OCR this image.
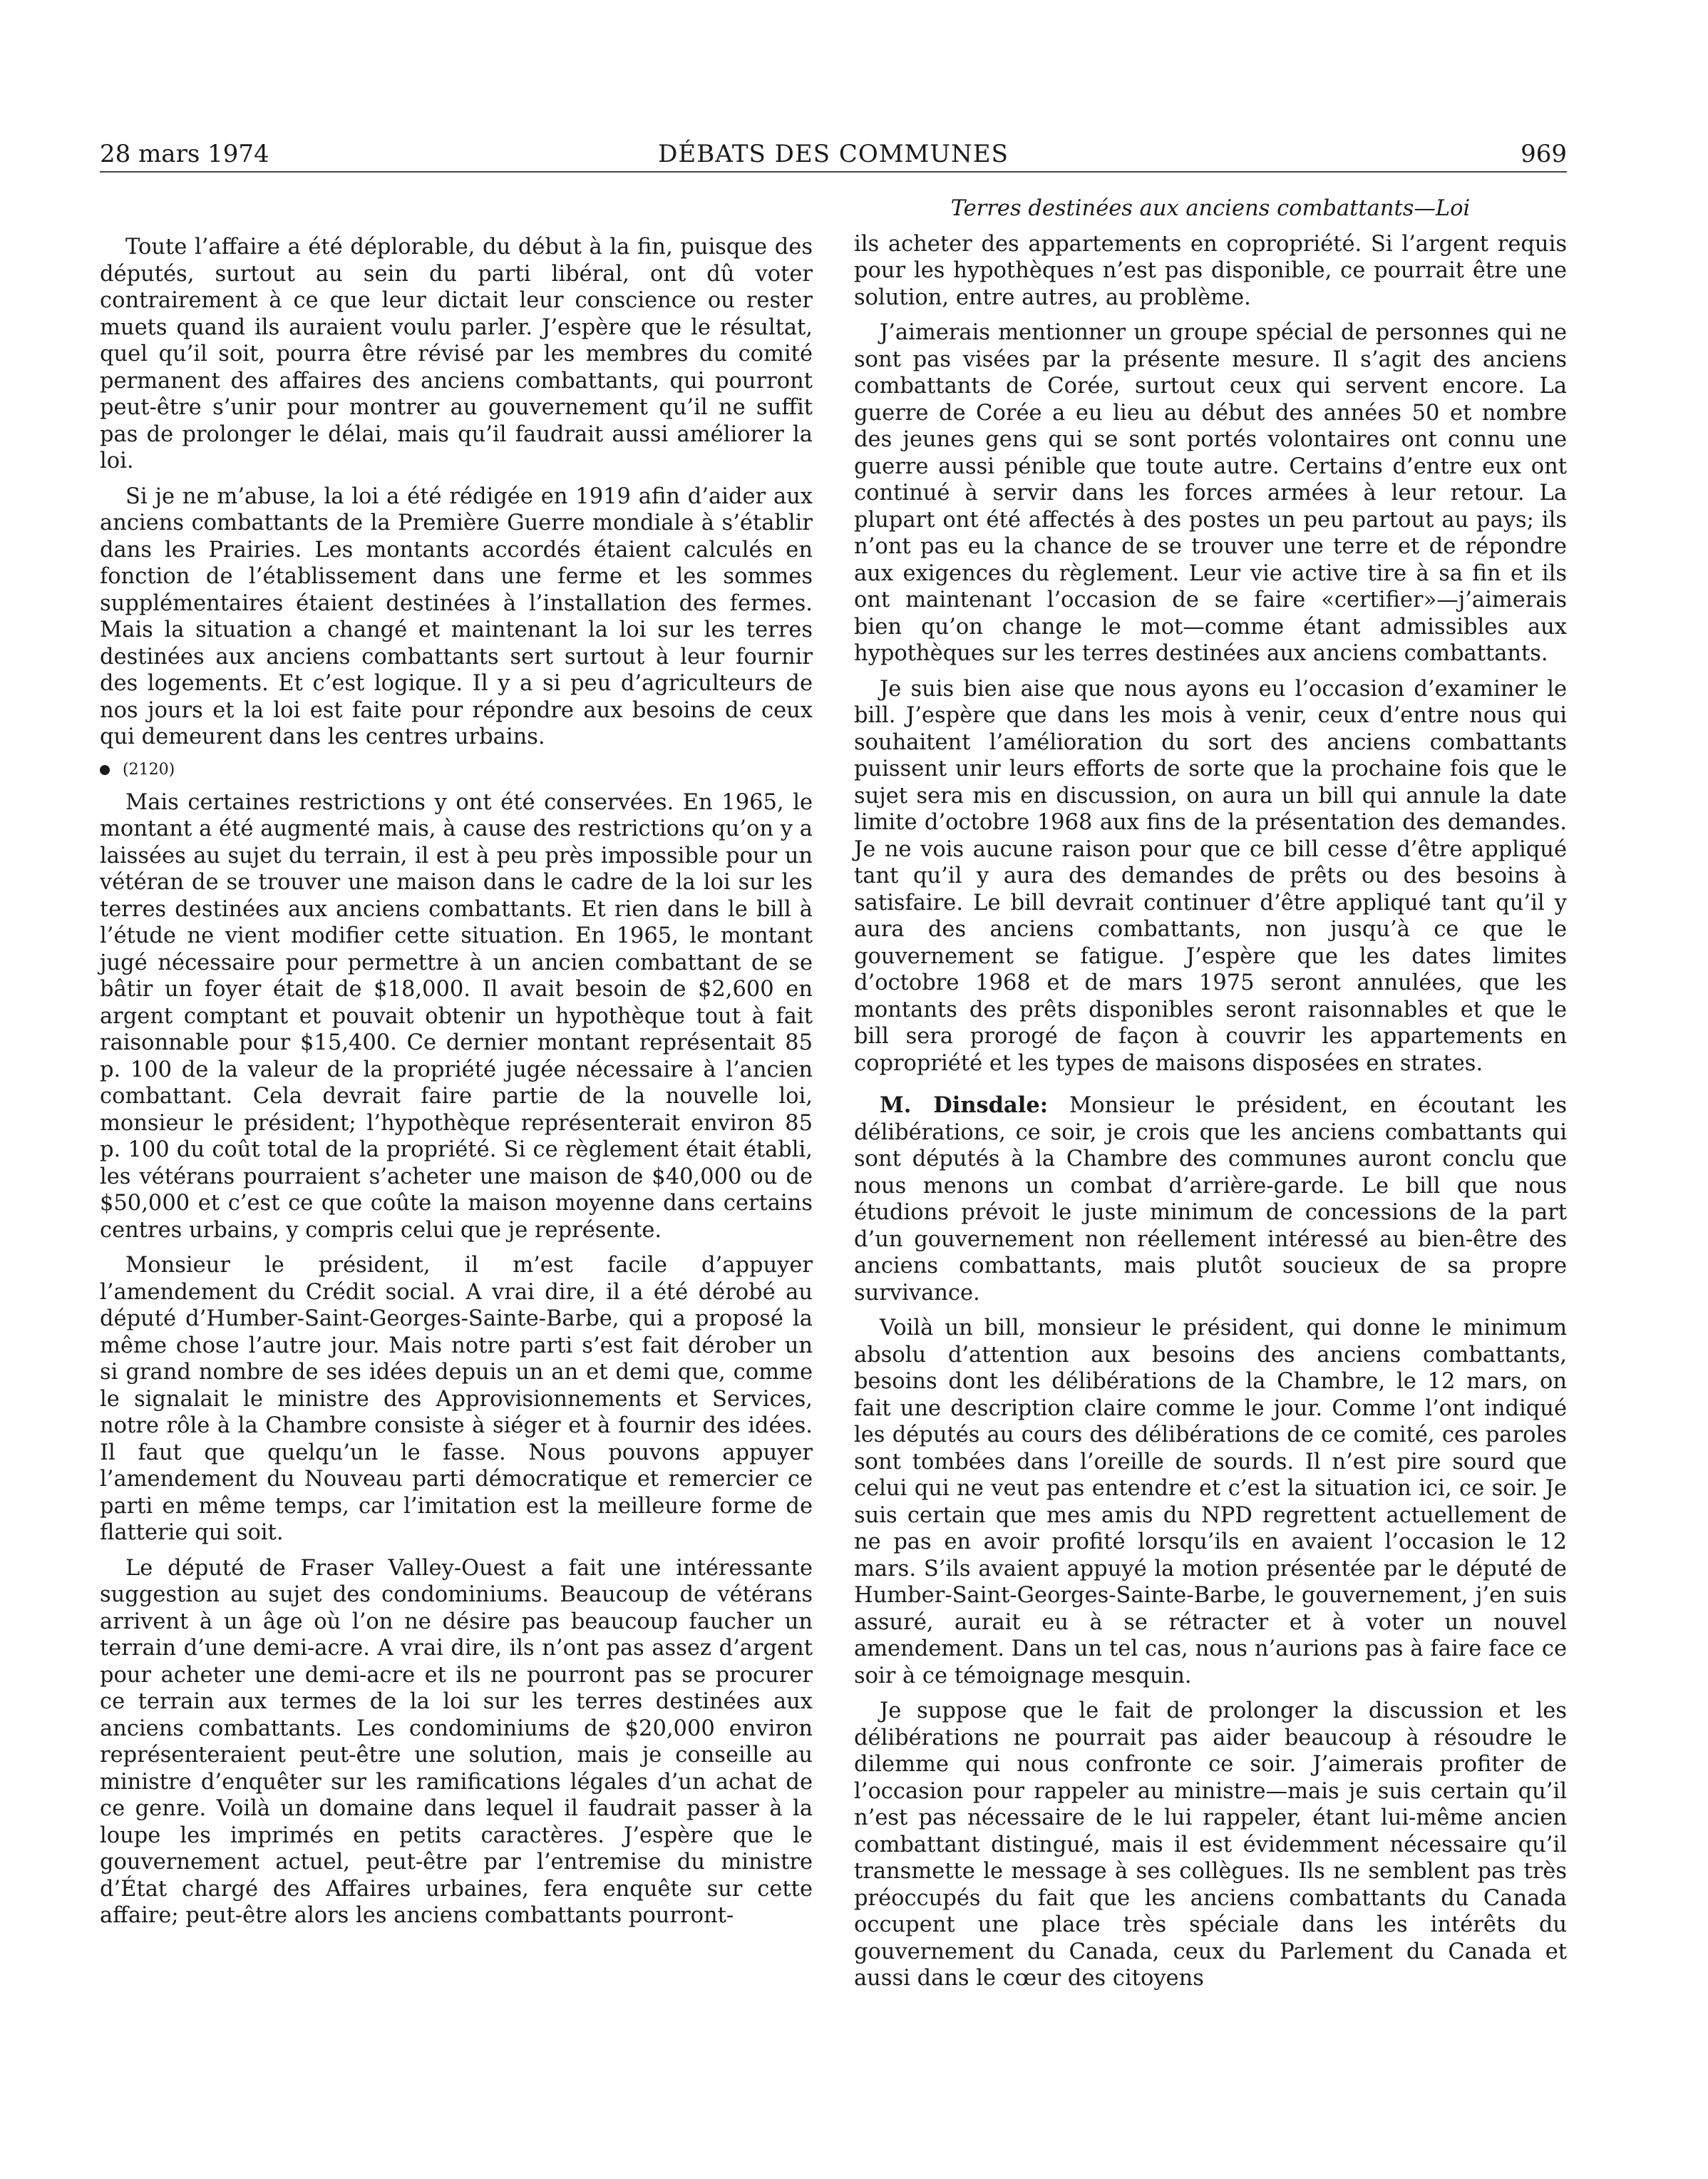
28 mars 1974	DÉBATS DES COMMUNES	969

Toute l’affaire a été déplorable, du début à la fin, puisque des députés, surtout au sein du parti libéral, ont dû voter contrairement à ce que leur dictait leur conscience ou rester muets quand ils auraient voulu parler. J’espère que le résultat, quel qu’il soit, pourra être révisé par les membres du comité permanent des affaires des anciens combattants, qui pourront peut-être s’unir pour montrer au gouvernement qu’il ne suffit pas de prolonger le délai, mais qu’il faudrait aussi améliorer la loi.

Si je ne m’abuse, la loi a été rédigée en 1919 afin d’aider aux anciens combattants de la Première Guerre mondiale à s’établir dans les Prairies. Les montants accordés étaient calculés en fonction de l’établissement dans une ferme et les sommes supplémentaires étaient destinées à l’installation des fermes. Mais la situation a changé et maintenant la loi sur les terres destinées aux anciens combattants sert surtout à leur fournir des logements. Et c’est logique. Il y a si peu d’agriculteurs de nos jours et la loi est faite pour répondre aux besoins de ceux qui demeurent dans les centres urbains.

(2120)

Mais certaines restrictions y ont été conservées. En 1965, le montant a été augmenté mais, à cause des restrictions qu’on y a laissées au sujet du terrain, il est à peu près impossible pour un vétéran de se trouver une maison dans le cadre de la loi sur les terres destinées aux anciens combattants. Et rien dans le bill à l’étude ne vient modifier cette situation. En 1965, le montant jugé nécessaire pour permettre à un ancien combattant de se bâtir un foyer était de $18,000. Il avait besoin de $2,600 en argent comptant et pouvait obtenir un hypothèque tout à fait raisonnable pour $15,400. Ce dernier montant représentait 85 p. 100 de la valeur de la propriété jugée nécessaire à l’ancien combattant. Cela devrait faire partie de la nouvelle loi, monsieur le président; l’hypothèque représenterait environ 85 p. 100 du coût total de la propriété. Si ce règlement était établi, les vétérans pourraient s’acheter une maison de $40,000 ou de $50,000 et c’est ce que coûte la maison moyenne dans certains centres urbains, y compris celui que je représente.

Monsieur le président, il m’est facile d’appuyer l’amendement du Crédit social. A vrai dire, il a été dérobé au député d’Humber-Saint-Georges-Sainte-Barbe, qui a proposé la même chose l’autre jour. Mais notre parti s’est fait dérober un si grand nombre de ses idées depuis un an et demi que, comme le signalait le ministre des Approvisionnements et Services, notre rôle à la Chambre consiste à siéger et à fournir des idées. Il faut que quelqu’un le fasse. Nous pouvons appuyer l’amendement du Nouveau parti démocratique et remercier ce parti en même temps, car l’imitation est la meilleure forme de flatterie qui soit.

Le député de Fraser Valley-Ouest a fait une intéressante suggestion au sujet des condominiums. Beaucoup de vétérans arrivent à un âge où l’on ne désire pas beaucoup faucher un terrain d’une demi-acre. A vrai dire, ils n’ont pas assez d’argent pour acheter une demi-acre et ils ne pourront pas se procurer ce terrain aux termes de la loi sur les terres destinées aux anciens combattants. Les condominiums de $20,000 environ représenteraient peut-être une solution, mais je conseille au ministre d’enquêter sur les ramifications légales d’un achat de ce genre. Voilà un domaine dans lequel il faudrait passer à la loupe les imprimés en petits caractères. J’espère que le gouvernement actuel, peut-être par l’entremise du ministre d’État chargé des Affaires urbaines, fera enquête sur cette affaire; peut-être alors les anciens combattants pourront-

Terres destinées aux anciens combattants—Loi

ils acheter des appartements en copropriété. Si l’argent requis pour les hypothèques n’est pas disponible, ce pourrait être une solution, entre autres, au problème.

J’aimerais mentionner un groupe spécial de personnes qui ne sont pas visées par la présente mesure. Il s’agit des anciens combattants de Corée, surtout ceux qui servent encore. La guerre de Corée a eu lieu au début des années 50 et nombre des jeunes gens qui se sont portés volontaires ont connu une guerre aussi pénible que toute autre. Certains d’entre eux ont continué à servir dans les forces armées à leur retour. La plupart ont été affectés à des postes un peu partout au pays; ils n’ont pas eu la chance de se trouver une terre et de répondre aux exigences du règlement. Leur vie active tire à sa fin et ils ont maintenant l’occasion de se faire «certifier»—j’aimerais bien qu’on change le mot—comme étant admissibles aux hypothèques sur les terres destinées aux anciens combattants.

Je suis bien aise que nous ayons eu l’occasion d’examiner le bill. J’espère que dans les mois à venir, ceux d’entre nous qui souhaitent l’amélioration du sort des anciens combattants puissent unir leurs efforts de sorte que la prochaine fois que le sujet sera mis en discussion, on aura un bill qui annule la date limite d’octobre 1968 aux fins de la présentation des demandes. Je ne vois aucune raison pour que ce bill cesse d’être appliqué tant qu’il y aura des demandes de prêts ou des besoins à satisfaire. Le bill devrait continuer d’être appliqué tant qu’il y aura des anciens combattants, non jusqu’à ce que le gouvernement se fatigue. J’espère que les dates limites d’octobre 1968 et de mars 1975 seront annulées, que les montants des prêts disponibles seront raisonnables et que le bill sera prorogé de façon à couvrir les appartements en copropriété et les types de maisons disposées en strates.

M. Dinsdale: Monsieur le président, en écoutant les délibérations, ce soir, je crois que les anciens combattants qui sont députés à la Chambre des communes auront conclu que nous menons un combat d’arrière-garde. Le bill que nous étudions prévoit le juste minimum de concessions de la part d’un gouvernement non réellement intéressé au bien-être des anciens combattants, mais plutôt soucieux de sa propre survivance.

Voilà un bill, monsieur le président, qui donne le minimum absolu d’attention aux besoins des anciens combattants, besoins dont les délibérations de la Chambre, le 12 mars, on fait une description claire comme le jour. Comme l’ont indiqué les députés au cours des délibérations de ce comité, ces paroles sont tombées dans l’oreille de sourds. Il n’est pire sourd que celui qui ne veut pas entendre et c’est la situation ici, ce soir. Je suis certain que mes amis du NPD regrettent actuellement de ne pas en avoir profité lorsqu’ils en avaient l’occasion le 12 mars. S’ils avaient appuyé la motion présentée par le député de Humber-Saint-Georges-Sainte-Barbe, le gouvernement, j’en suis assuré, aurait eu à se rétracter et à voter un nouvel amendement. Dans un tel cas, nous n’aurions pas à faire face ce soir à ce témoignage mesquin.

Je suppose que le fait de prolonger la discussion et les délibérations ne pourrait pas aider beaucoup à résoudre le dilemme qui nous confronte ce soir. J’aimerais profiter de l’occasion pour rappeler au ministre—mais je suis certain qu’il n’est pas nécessaire de le lui rappeler, étant lui-même ancien combattant distingué, mais il est évidemment nécessaire qu’il transmette le message à ses collègues. Ils ne semblent pas très préoccupés du fait que les anciens combattants du Canada occupent une place très spéciale dans les intérêts du gouvernement du Canada, ceux du Parlement du Canada et aussi dans le cœur des citoyens
